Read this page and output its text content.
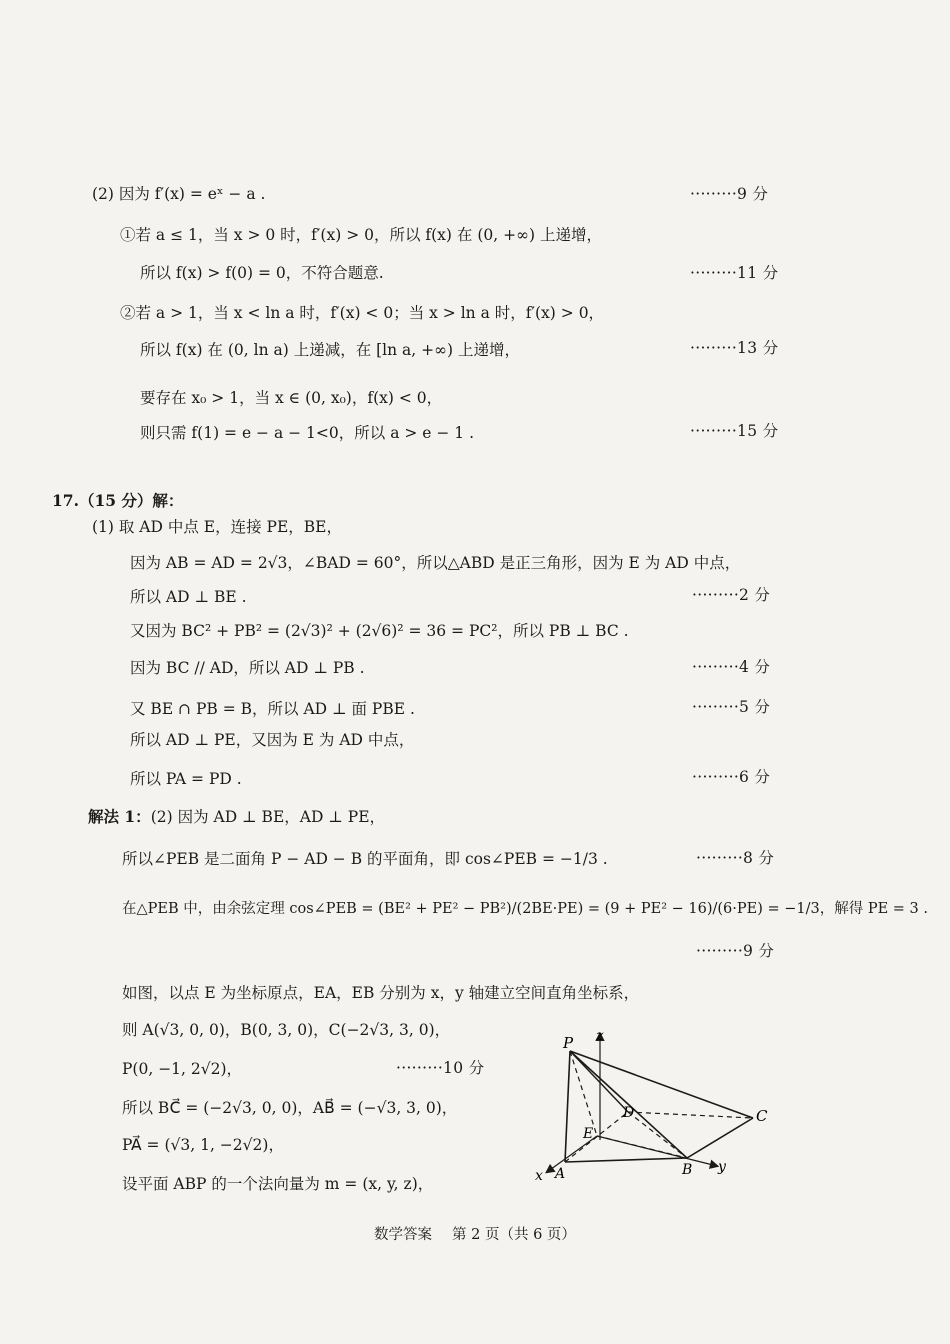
(2) 因为 f′(x) = eˣ − a .	·········9 分
①若 a ≤ 1，当 x > 0 时，f′(x) > 0，所以 f(x) 在 (0, +∞) 上递增，
所以 f(x) > f(0) = 0，不符合题意.	·········11 分
②若 a > 1，当 x < ln a 时，f′(x) < 0；当 x > ln a 时，f′(x) > 0，
所以 f(x) 在 (0, ln a) 上递减，在 [ln a, +∞) 上递增，	·········13 分
要存在 x₀ > 1，当 x ∈ (0, x₀)，f(x) < 0，
则只需 f(1) = e − a − 1<0，所以 a > e − 1 .	·········15 分
17.（15 分）解：
(1) 取 AD 中点 E，连接 PE，BE，
因为 AB = AD = 2√3，∠BAD = 60°，所以△ABD 是正三角形，因为 E 为 AD 中点，
所以 AD ⊥ BE .	·········2 分
又因为 BC² + PB² = (2√3)² + (2√6)² = 36 = PC²，所以 PB ⊥ BC .
因为 BC // AD，所以 AD ⊥ PB .	·········4 分
又 BE ∩ PB = B，所以 AD ⊥ 面 PBE .	·········5 分
所以 AD ⊥ PE，又因为 E 为 AD 中点，
所以 PA = PD .	·········6 分
解法 1：(2) 因为 AD ⊥ BE，AD ⊥ PE，
所以∠PEB 是二面角 P − AD − B 的平面角，即 cos∠PEB = −1/3 .	·········8 分
在△PEB 中，由余弦定理 cos∠PEB = (BE² + PE² − PB²)/(2BE·PE) = (9 + PE² − 16)/(6·PE) = −1/3，解得 PE = 3 .
·········9 分
如图，以点 E 为坐标原点，EA，EB 分别为 x，y 轴建立空间直角坐标系，
则 A(√3, 0, 0)，B(0, 3, 0)，C(−2√3, 3, 0)，
P(0, −1, 2√2)，	·········10 分
所以 BC⃗ = (−2√3, 0, 0)，AB⃗ = (−√3, 3, 0)，
PA⃗ = (√3, 1, −2√2)，
设平面 ABP 的一个法向量为 m = (x, y, z)，
P z
D	C
E
x A	B y
数学答案 第 2 页（共 6 页）
